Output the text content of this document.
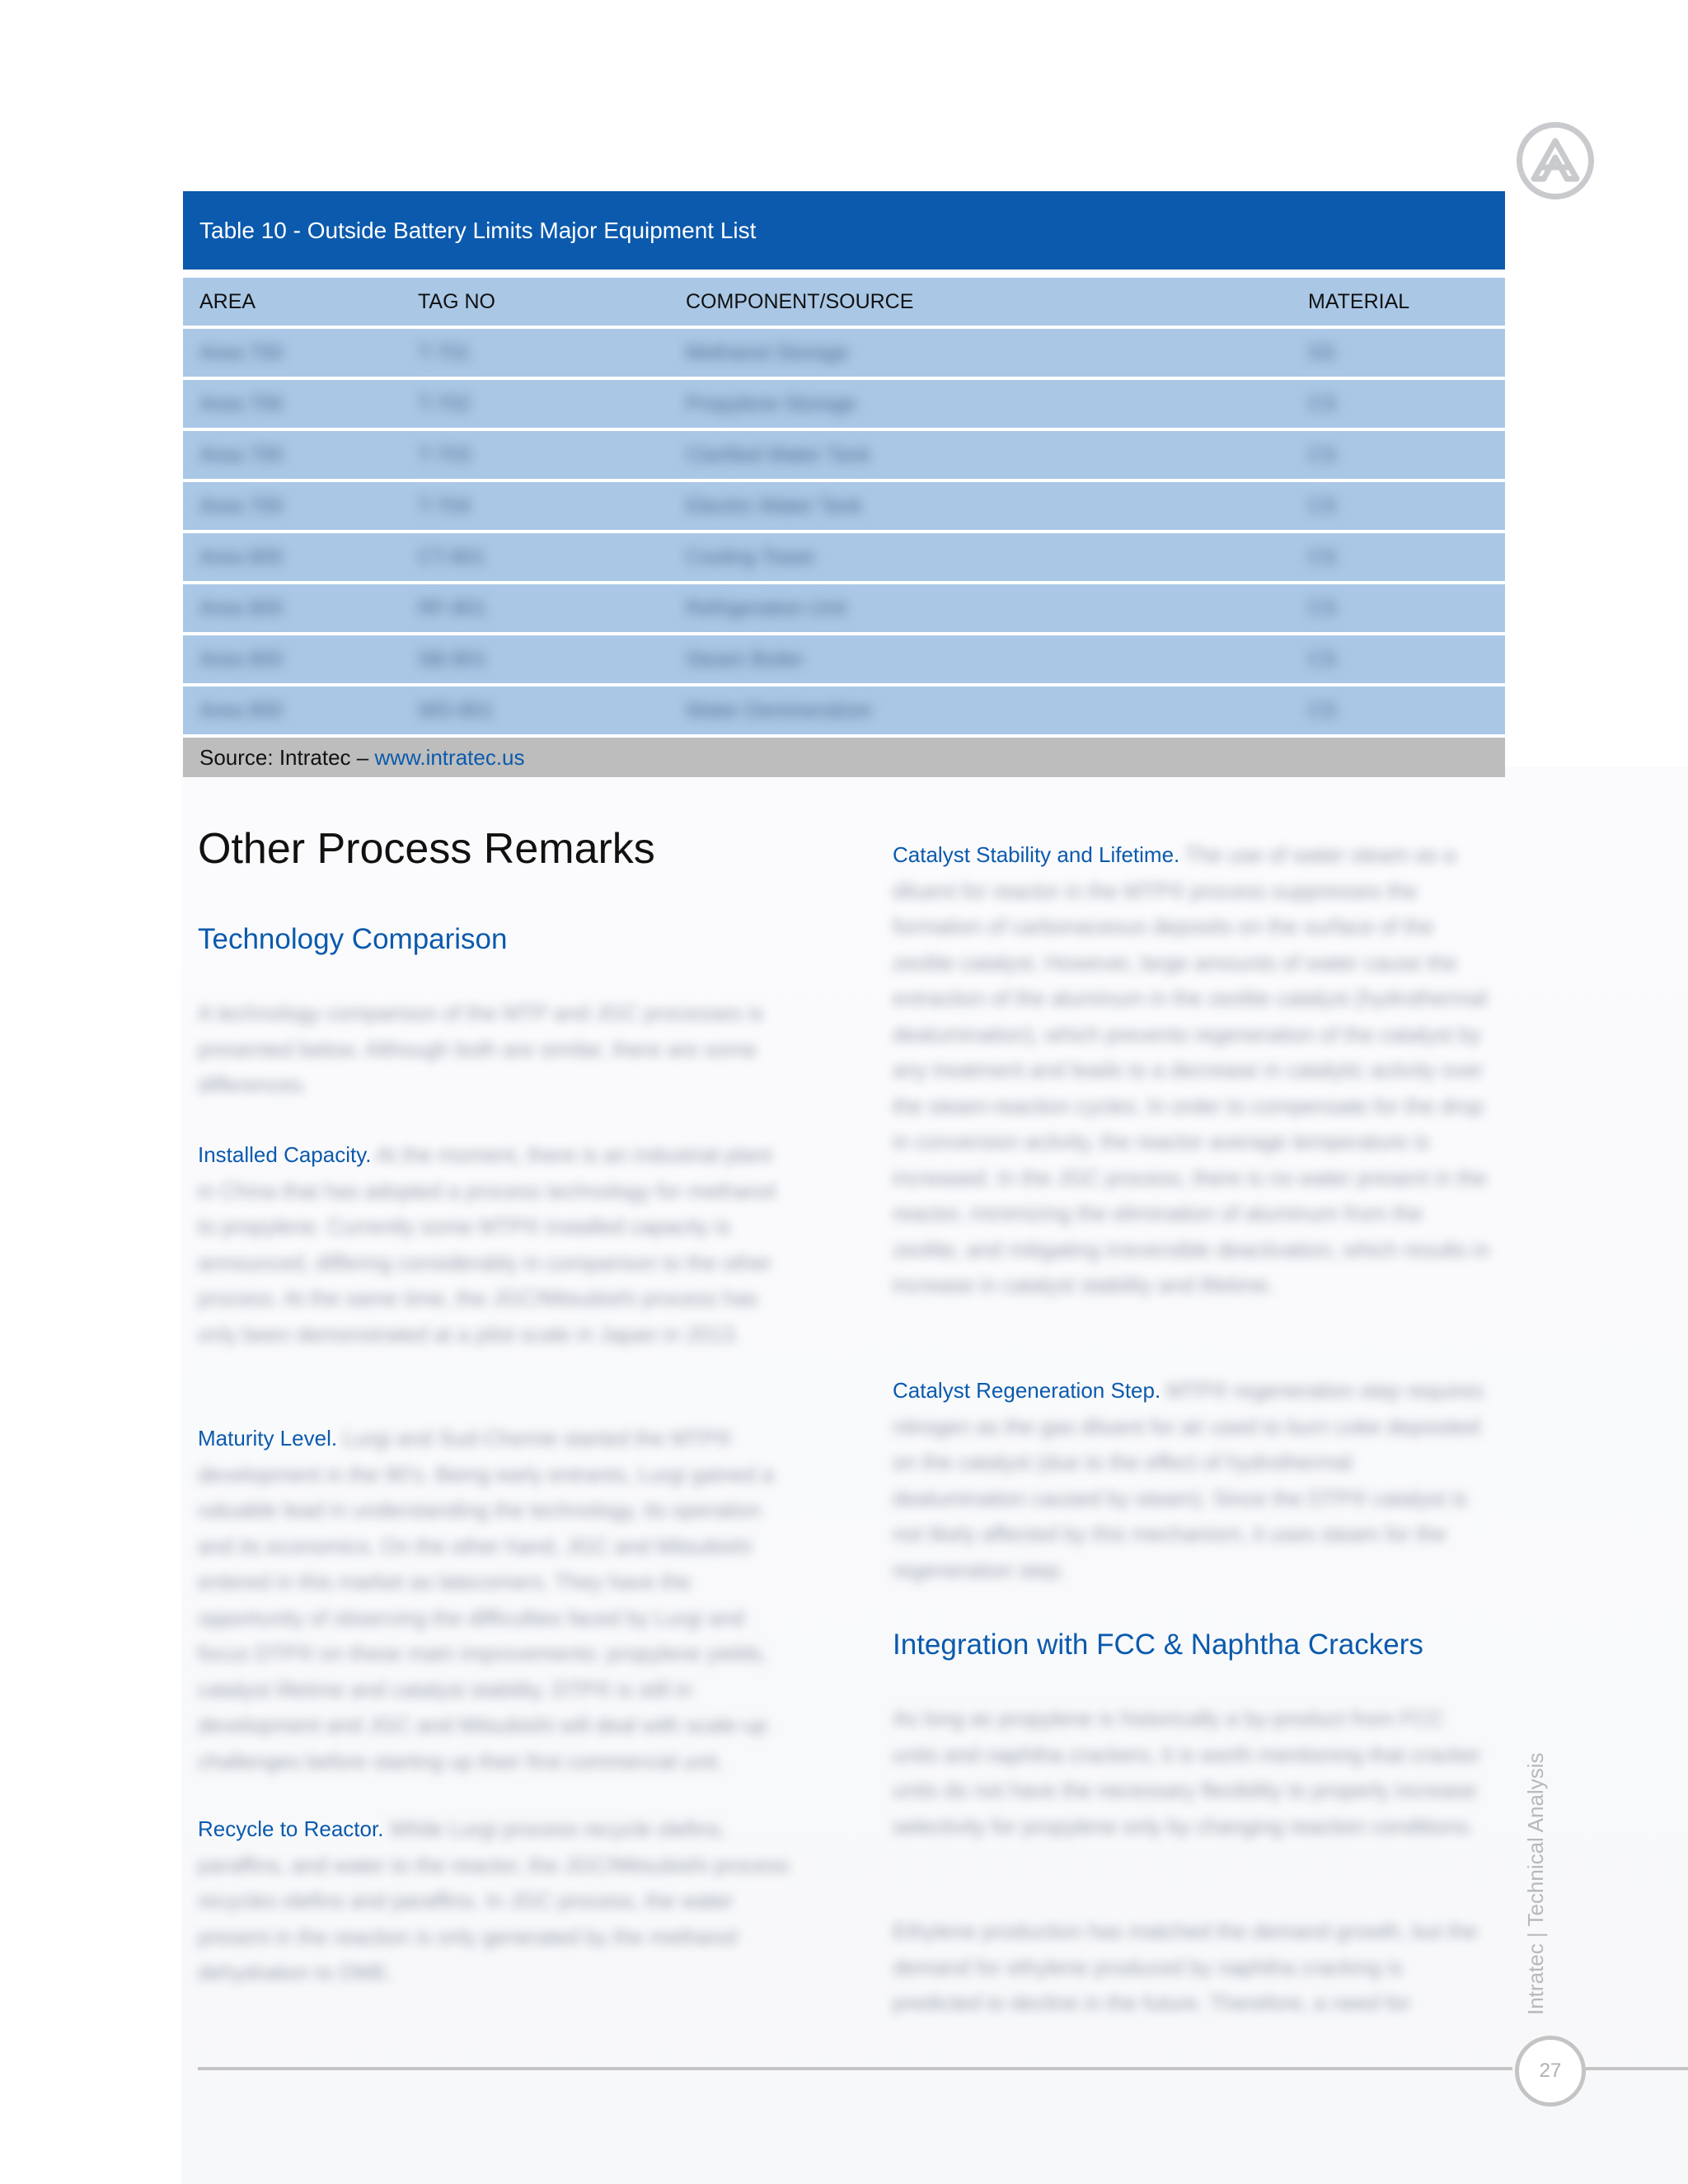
Table 10 - Outside Battery Limits Major Equipment List
AREA	TAG NO	COMPONENT/SOURCE	MATERIAL
Area 700	T-701	Methanol Storage	SS
Area 700	T-702	Propylene Storage	CS
Area 700	T-703	Clarified Water Tank	CS
Area 700	T-704	Electric Water Tank	CS
Area 800	CT-801	Cooling Tower	CS
Area 800	RF-801	Refrigeration Unit	CS
Area 800	SB-801	Steam Boiler	CS
Area 800	WD-801	Water Demineralizer	CS
Source: Intratec – www.intratec.us
Other Process Remarks
Technology Comparison
A technology comparison of the MTP and JGC processes is presented below. Although both are similar, there are some differences.
Installed Capacity. At the moment, there is an industrial plant in China that has adopted a process technology for methanol to propylene. Currently some MTP® installed capacity is announced, differing considerably in comparison to the other process. At the same time, the JGC/Mitsubishi process has only been demonstrated at a pilot scale in Japan in 2013.
Maturity Level. Lurgi and Sud-Chemie started the MTP® development in the 90's. Being early entrants, Lurgi gained a valuable lead in understanding the technology, its operation and its economics. On the other hand, JGC and Mitsubishi entered in this market as latecomers. They have the opportunity of observing the difficulties faced by Lurgi and focus DTP® on these main improvements: propylene yields, catalyst lifetime and catalyst stability. DTP® is still in development and JGC and Mitsubishi will deal with scale-up challenges before starting up their first commercial unit.
Recycle to Reactor. While Lurgi process recycle olefins, paraffins, and water to the reactor, the JGC/Mitsubishi process recycles olefins and paraffins. In JGC process, the water present in the reaction is only generated by the methanol dehydration to DME.
Catalyst Stability and Lifetime. The use of water steam as a diluent for reactor in the MTP® process suppresses the formation of carbonaceous deposits on the surface of the zeolite catalyst. However, large amounts of water cause the extraction of the aluminum in the zeolite catalyst (hydrothermal dealumination), which prevents regeneration of the catalyst by any treatment and leads to a decrease in catalytic activity over the steam-reaction cycles. In order to compensate for the drop in conversion activity, the reactor average temperature is increased. In the JGC process, there is no water present in the reactor, minimizing the elimination of aluminum from the zeolite, and mitigating irreversible deactivation, which results in increase in catalyst stability and lifetime.
Catalyst Regeneration Step. MTP® regeneration step requires nitrogen as the gas diluent for air used to burn coke deposited on the catalyst (due to the effect of hydrothermal dealumination caused by steam). Since the DTP® catalyst is not likely affected by this mechanism, it uses steam for the regeneration step.
Integration with FCC & Naphtha Crackers
As long as propylene is historically a by-product from FCC units and naphtha crackers, it is worth mentioning that cracker units do not have the necessary flexibility to properly increase selectivity for propylene only by changing reaction conditions.
Ethylene production has matched the demand growth, but the demand for ethylene produced by naphtha cracking is predicted to decline in the future. Therefore, a need for	Intratec | Technical Analysis
27
